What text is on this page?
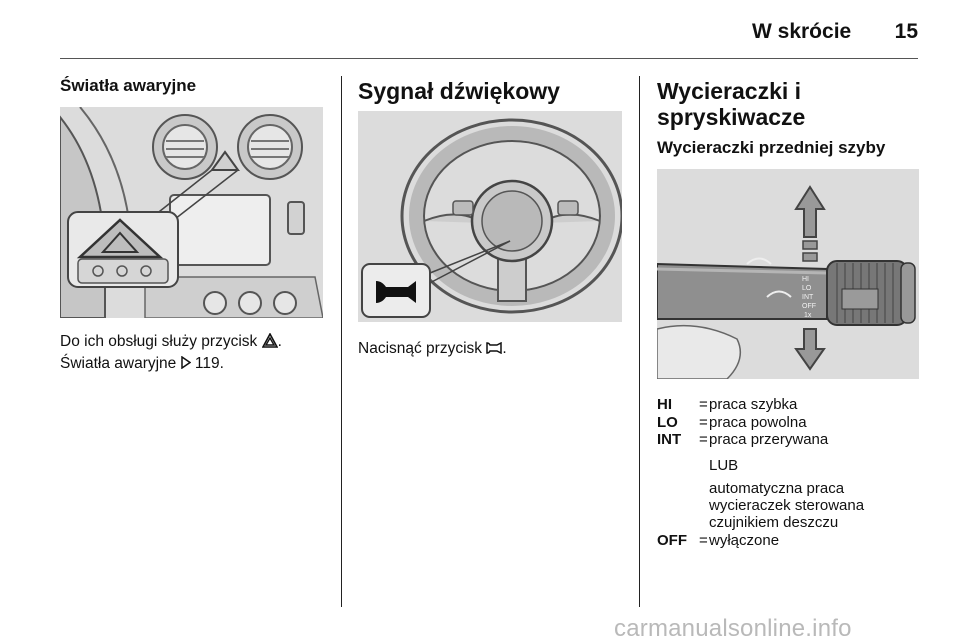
W skrócie	15
Światła awaryjne
Do ich obsługi służy przycisk .
Światła awaryjne  119.
Sygnał dźwiękowy
Nacisnąć przycisk .
Wycieraczki i
spryskiwacze
Wycieraczki przedniej szyby
HI
LO
INT
OFF
1x
HI = praca szybka
LO = praca powolna
INT = praca przerywana
LUB
automatyczna praca wycieraczek sterowana czujnikiem deszczu
OFF = wyłączone
carmanualsonline.info
